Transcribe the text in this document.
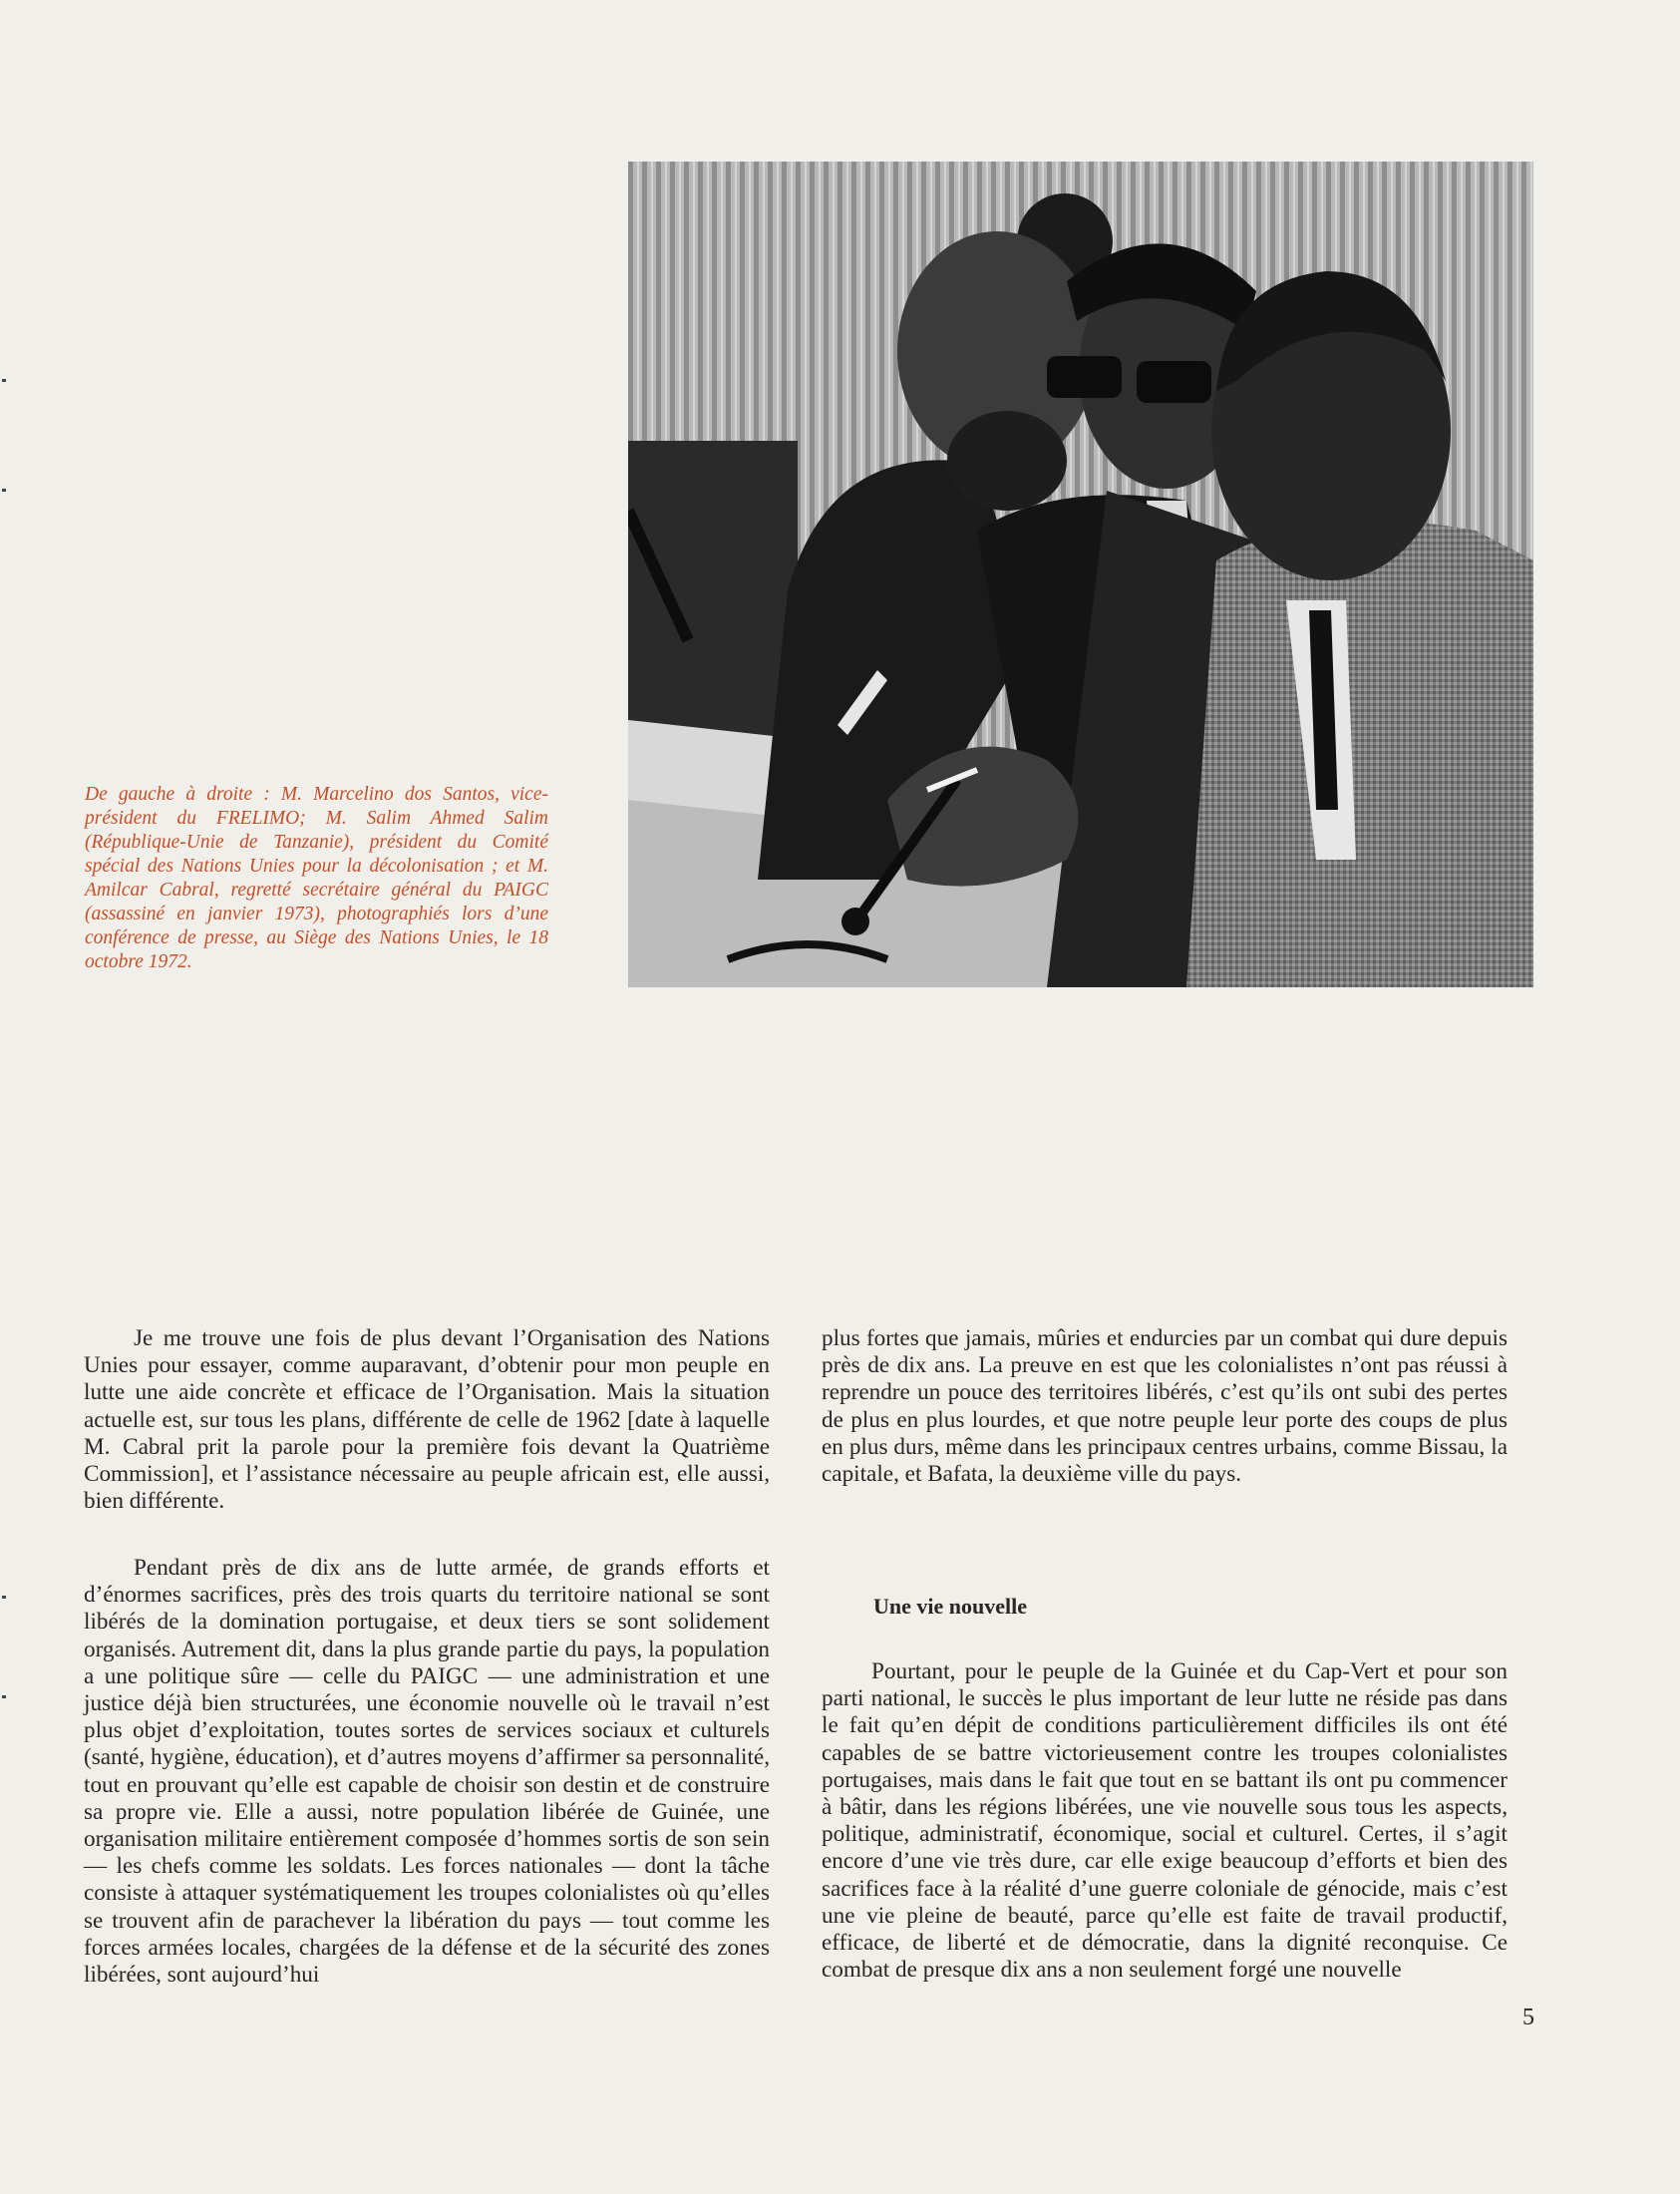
De gauche à droite : M. Marcelino dos Santos, vice-président du FRELIMO; M. Salim Ahmed Salim (République-Unie de Tanzanie), président du Comité spécial des Nations Unies pour la décolonisation ; et M. Amilcar Cabral, regretté secrétaire général du PAIGC (assassiné en janvier 1973), photographiés lors d’une conférence de presse, au Siège des Nations Unies, le 18 octobre 1972.

Je me trouve une fois de plus devant l’Organisation des Nations Unies pour essayer, comme auparavant, d’obtenir pour mon peuple en lutte une aide concrète et efficace de l’Organisation. Mais la situation actuelle est, sur tous les plans, différente de celle de 1962 [date à laquelle M. Cabral prit la parole pour la première fois devant la Quatrième Commission], et l’assistance nécessaire au peuple africain est, elle aussi, bien différente.

Pendant près de dix ans de lutte armée, de grands efforts et d’énormes sacrifices, près des trois quarts du territoire national se sont libérés de la domination portugaise, et deux tiers se sont solidement organisés. Autrement dit, dans la plus grande partie du pays, la population a une politique sûre — celle du PAIGC — une administration et une justice déjà bien structurées, une économie nouvelle où le travail n’est plus objet d’exploitation, toutes sortes de services sociaux et culturels (santé, hygiène, éducation), et d’autres moyens d’affirmer sa personnalité, tout en prouvant qu’elle est capable de choisir son destin et de construire sa propre vie. Elle a aussi, notre population libérée de Guinée, une organisation militaire entièrement composée d’hommes sortis de son sein — les chefs comme les soldats. Les forces nationales — dont la tâche consiste à attaquer systématiquement les troupes colonialistes où qu’elles se trouvent afin de parachever la libération du pays — tout comme les forces armées locales, chargées de la défense et de la sécurité des zones libérées, sont aujourd’hui

plus fortes que jamais, mûries et endurcies par un combat qui dure depuis près de dix ans. La preuve en est que les colonialistes n’ont pas réussi à reprendre un pouce des territoires libérés, c’est qu’ils ont subi des pertes de plus en plus lourdes, et que notre peuple leur porte des coups de plus en plus durs, même dans les principaux centres urbains, comme Bissau, la capitale, et Bafata, la deuxième ville du pays.

Une vie nouvelle

Pourtant, pour le peuple de la Guinée et du Cap-Vert et pour son parti national, le succès le plus important de leur lutte ne réside pas dans le fait qu’en dépit de conditions particulièrement difficiles ils ont été capables de se battre victorieusement contre les troupes colonialistes portugaises, mais dans le fait que tout en se battant ils ont pu commencer à bâtir, dans les régions libérées, une vie nouvelle sous tous les aspects, politique, administratif, économique, social et culturel. Certes, il s’agit encore d’une vie très dure, car elle exige beaucoup d’efforts et bien des sacrifices face à la réalité d’une guerre coloniale de génocide, mais c’est une vie pleine de beauté, parce qu’elle est faite de travail productif, efficace, de liberté et de démocratie, dans la dignité reconquise. Ce combat de presque dix ans a non seulement forgé une nouvelle

5
